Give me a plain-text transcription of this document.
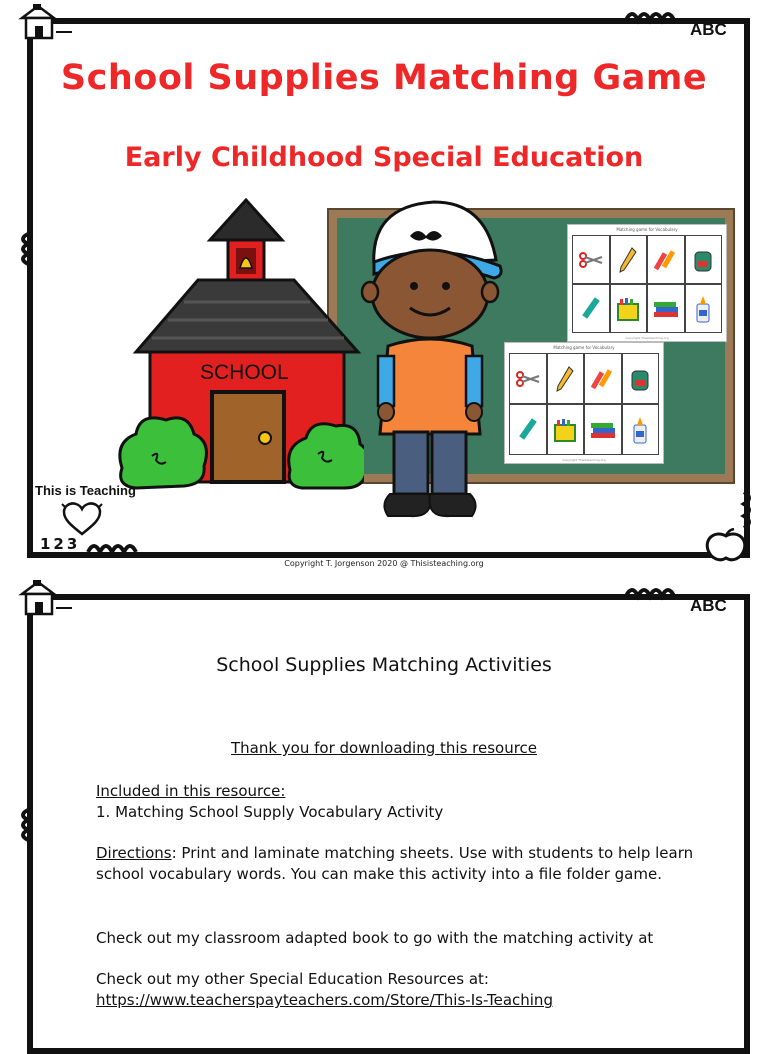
ABC
School Supplies Matching Game
Early Childhood Special Education
Matching game for Vocabulary
Copyright Thisisteaching.org
Matching game for Vocabulary
Copyright Thisisteaching.org
SCHOOL
This is Teaching
123
Copyright T. Jorgenson 2020 @ Thisisteaching.org
ABC
School Supplies Matching Activities
Thank you for downloading this resource
Included in this resource:
1. Matching School Supply Vocabulary Activity
Directions: Print and laminate matching sheets. Use with students to help learn school vocabulary words. You can make this activity into a file folder game.
Check out my classroom adapted book to go with the matching activity at
Check out my other Special Education Resources at:
https://www.teacherspayteachers.com/Store/This-Is-Teaching
